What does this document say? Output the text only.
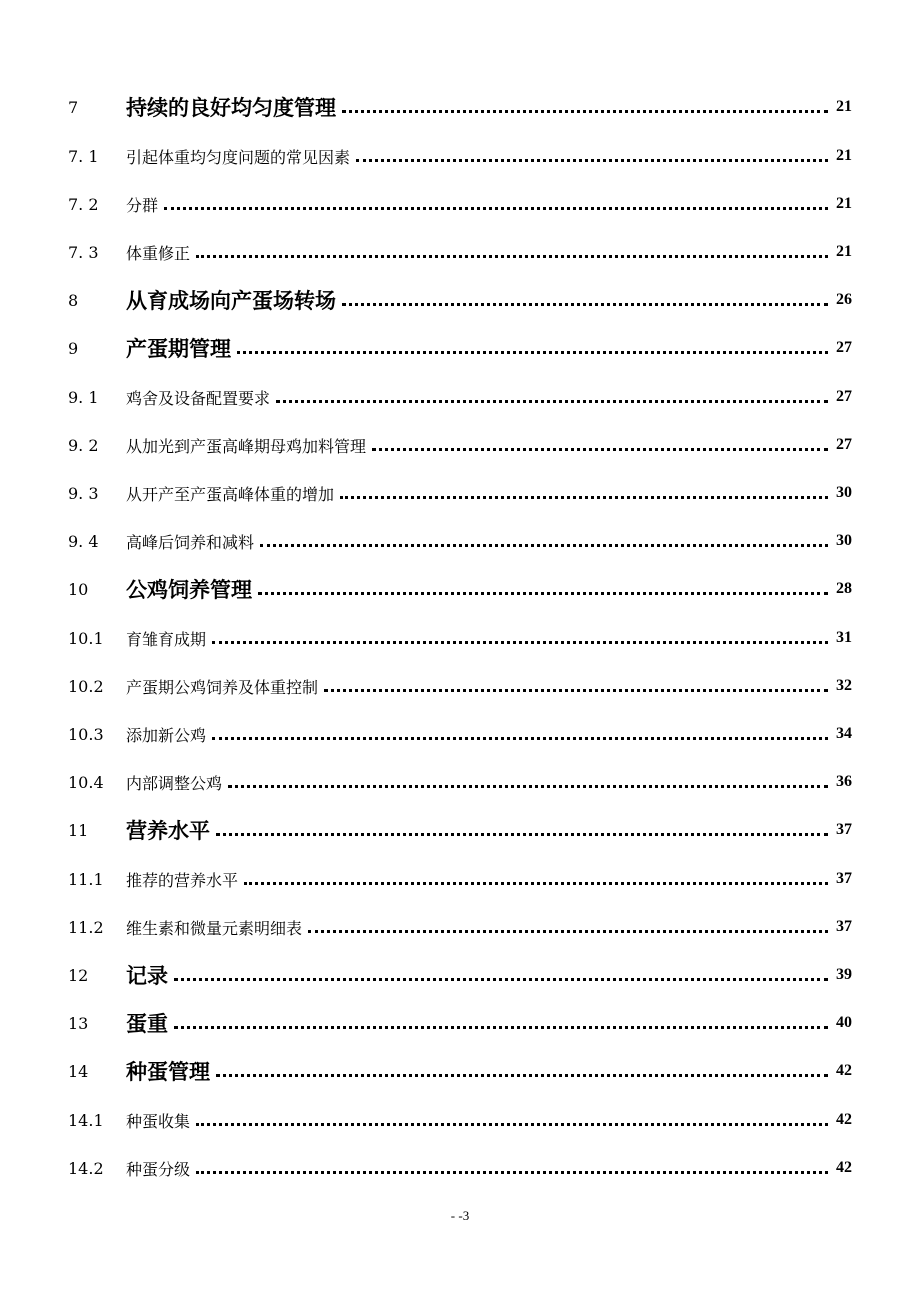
7	持续的良好均匀度管理	21
7. 1	引起体重均匀度问题的常见因素	21
7. 2	分群	21
7. 3	体重修正	21
8	从育成场向产蛋场转场	26
9	产蛋期管理	27
9. 1	鸡舍及设备配置要求	27
9. 2	从加光到产蛋高峰期母鸡加料管理	27
9. 3	从开产至产蛋高峰体重的增加	30
9. 4	高峰后饲养和减料	30
10	公鸡饲养管理	28
10.1	育雏育成期	31
10.2	产蛋期公鸡饲养及体重控制	32
10.3	添加新公鸡	34
10.4	内部调整公鸡	36
11	营养水平	37
11.1	推荐的营养水平	37
11.2	维生素和微量元素明细表	37
12	记录	39
13	蛋重	40
14	种蛋管理	42
14.1	种蛋收集	42
14.2	种蛋分级	42
- -3
